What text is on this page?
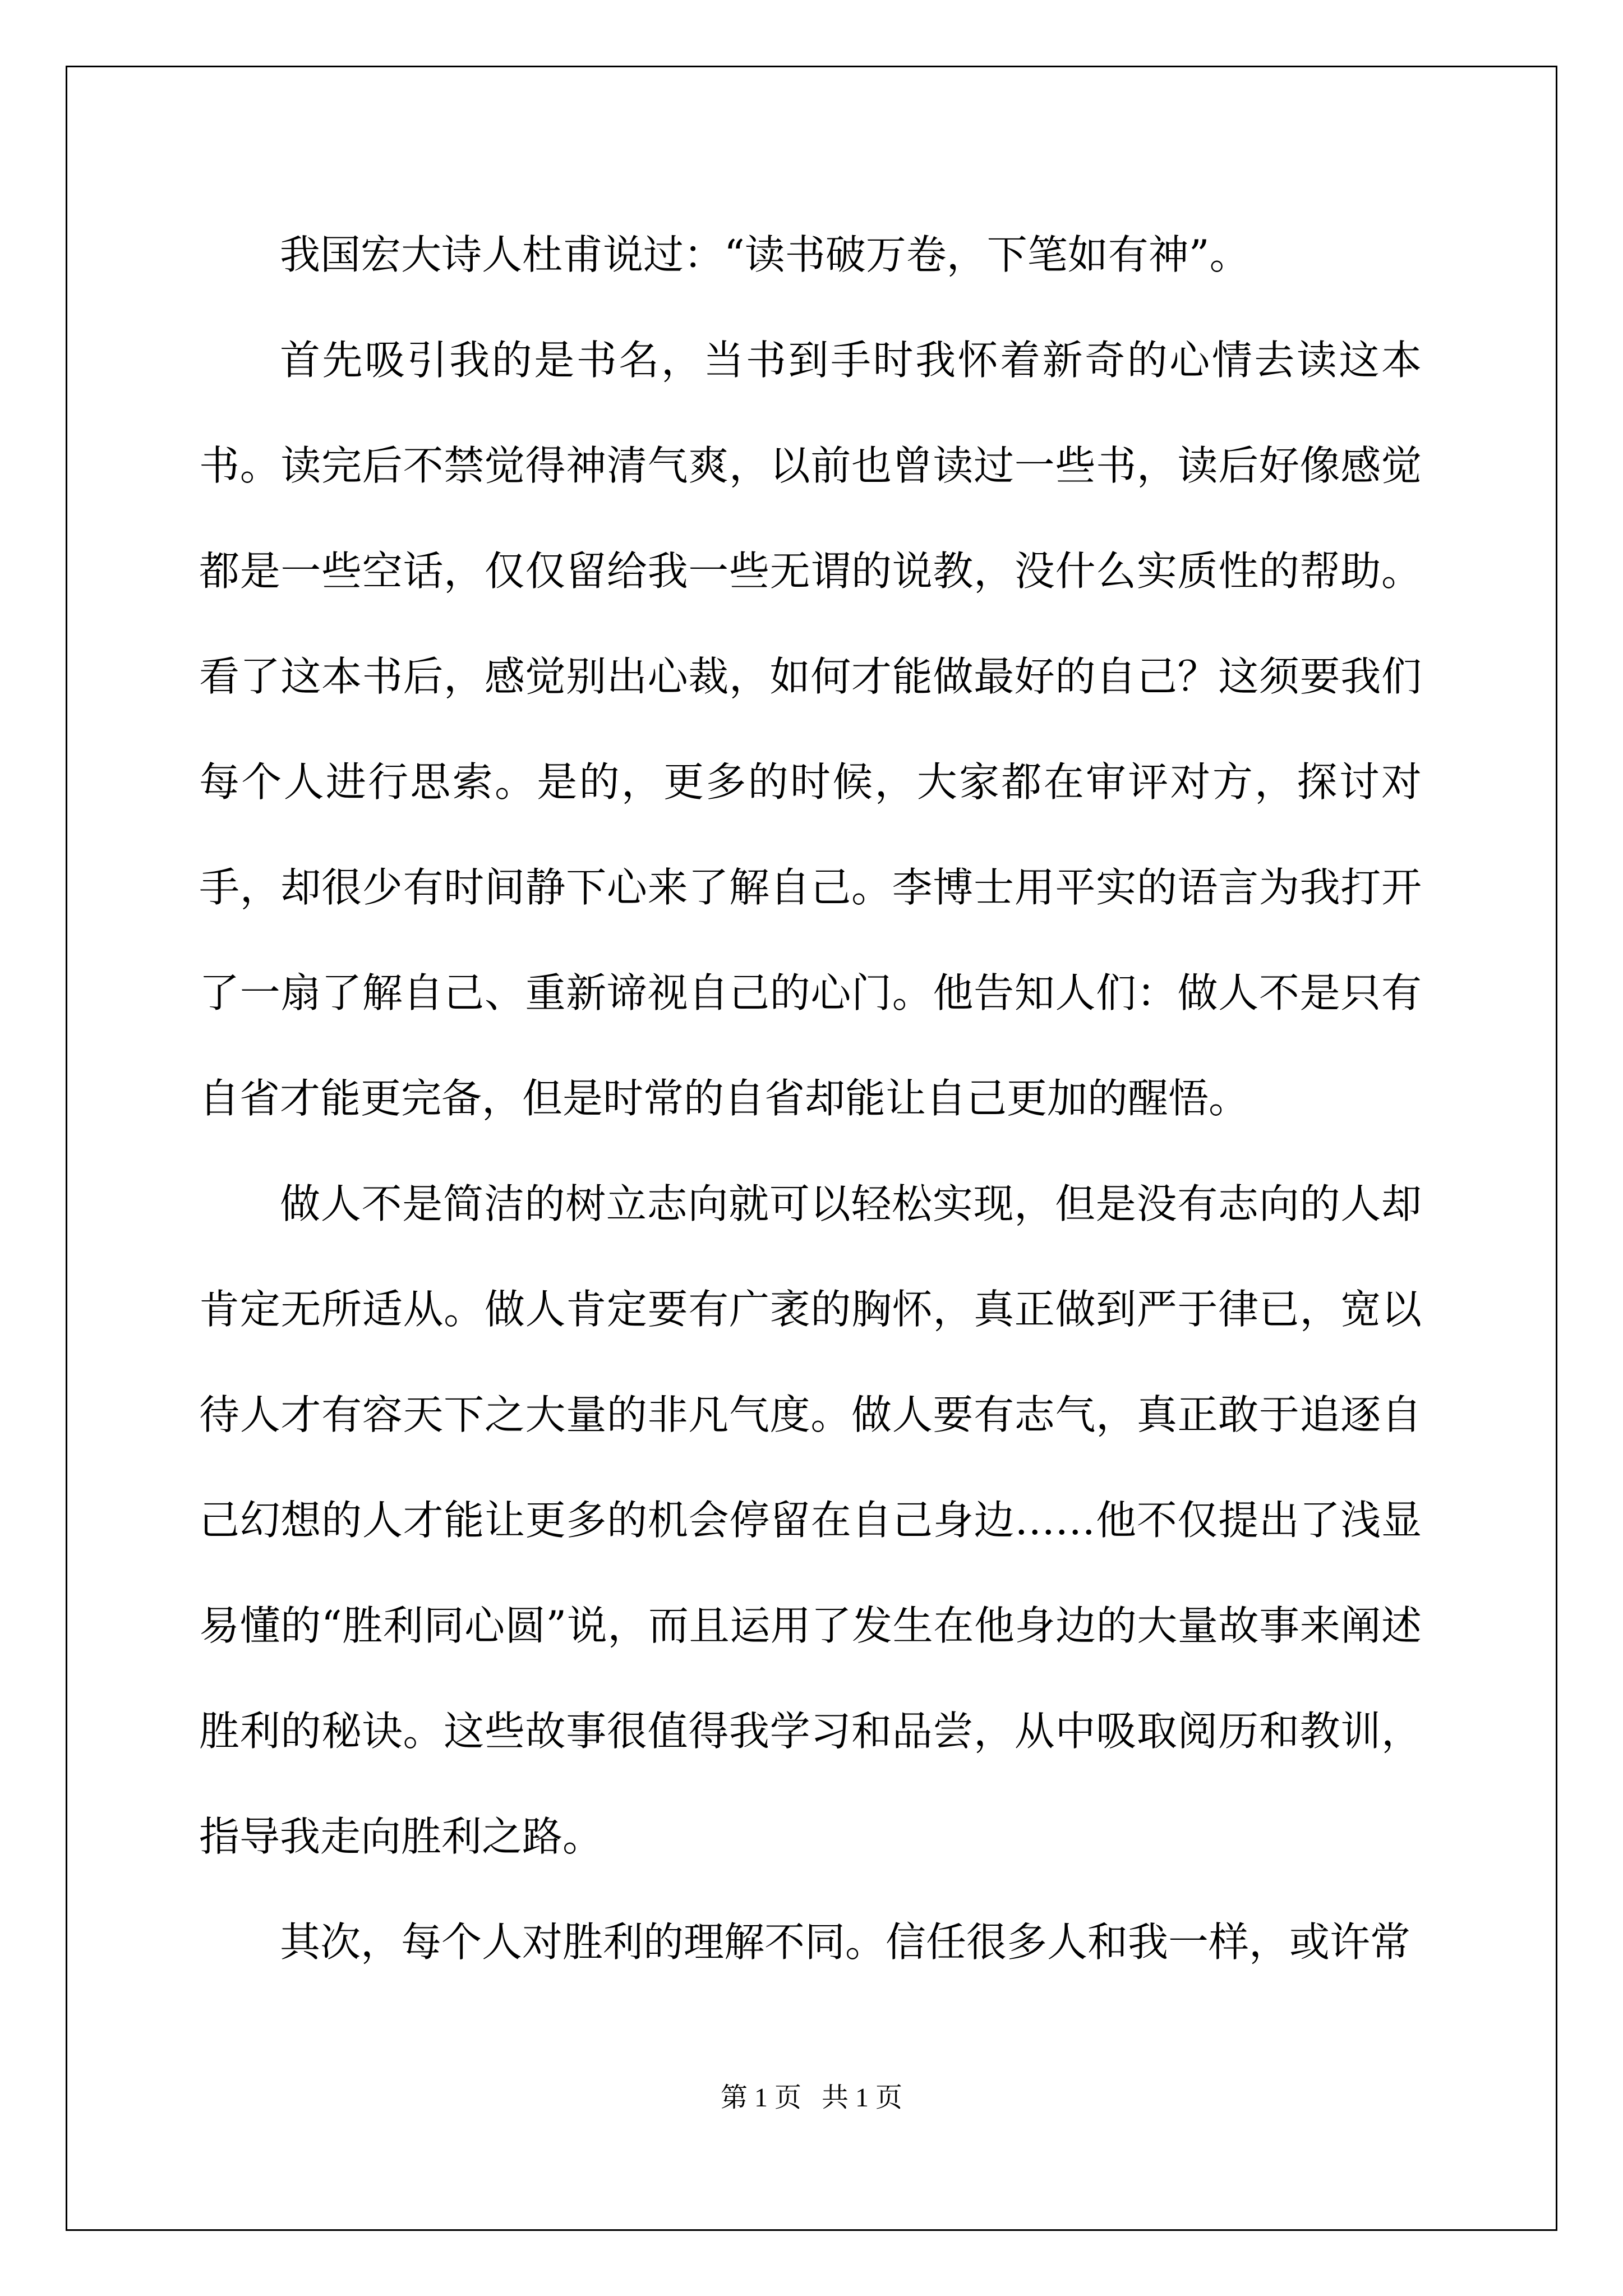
我国宏大诗人杜甫说过：“读书破万卷，下笔如有神”。

首先吸引我的是书名，当书到手时我怀着新奇的心情去读这本书。读完后不禁觉得神清气爽，以前也曾读过一些书，读后好像感觉都是一些空话，仅仅留给我一些无谓的说教，没什么实质性的帮助。看了这本书后，感觉别出心裁，如何才能做最好的自己？这须要我们每个人进行思索。是的，更多的时候，大家都在审评对方，探讨对手，却很少有时间静下心来了解自己。李博士用平实的语言为我打开了一扇了解自己、重新谛视自己的心门。他告知人们：做人不是只有自省才能更完备，但是时常的自省却能让自己更加的醒悟。

做人不是简洁的树立志向就可以轻松实现，但是没有志向的人却肯定无所适从。做人肯定要有广袤的胸怀，真正做到严于律已，宽以待人才有容天下之大量的非凡气度。做人要有志气，真正敢于追逐自己幻想的人才能让更多的机会停留在自己身边……他不仅提出了浅显易懂的“胜利同心圆”说，而且运用了发生在他身边的大量故事来阐述胜利的秘诀。这些故事很值得我学习和品尝，从中吸取阅历和教训，指导我走向胜利之路。

其次，每个人对胜利的理解不同。信任很多人和我一样，或许常

第 1 页 共 1 页
